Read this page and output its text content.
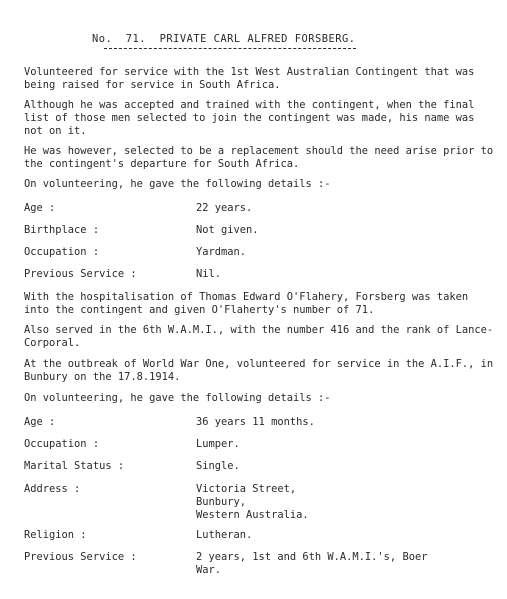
No. 71.  PRIVATE CARL ALFRED FORSBERG.

Volunteered for service with the 1st West Australian Contingent that was being raised for service in South Africa.

Although he was accepted and trained with the contingent, when the final list of those men selected to join the contingent was made, his name was not on it.

He was however, selected to be a replacement should the need arise prior to the contingent's departure for South Africa.

On volunteering, he gave the following details :-

Age :	22 years.
Birthplace :	Not given.
Occupation :	Yardman.
Previous Service :	Nil.

With the hospitalisation of Thomas Edward O'Flahery, Forsberg was taken into the contingent and given O'Flaherty's number of 71.

Also served in the 6th W.A.M.I., with the number 416 and the rank of Lance-Corporal.

At the outbreak of World War One, volunteered for service in the A.I.F., in Bunbury on the 17.8.1914.

On volunteering, he gave the following details :-

Age :	36 years 11 months.
Occupation :	Lumper.
Marital Status :	Single.
Address :	Victoria Street,
Bunbury,
Western Australia.
Religion :	Lutheran.
Previous Service :	2 years, 1st and 6th W.A.M.I.'s, Boer
War.
